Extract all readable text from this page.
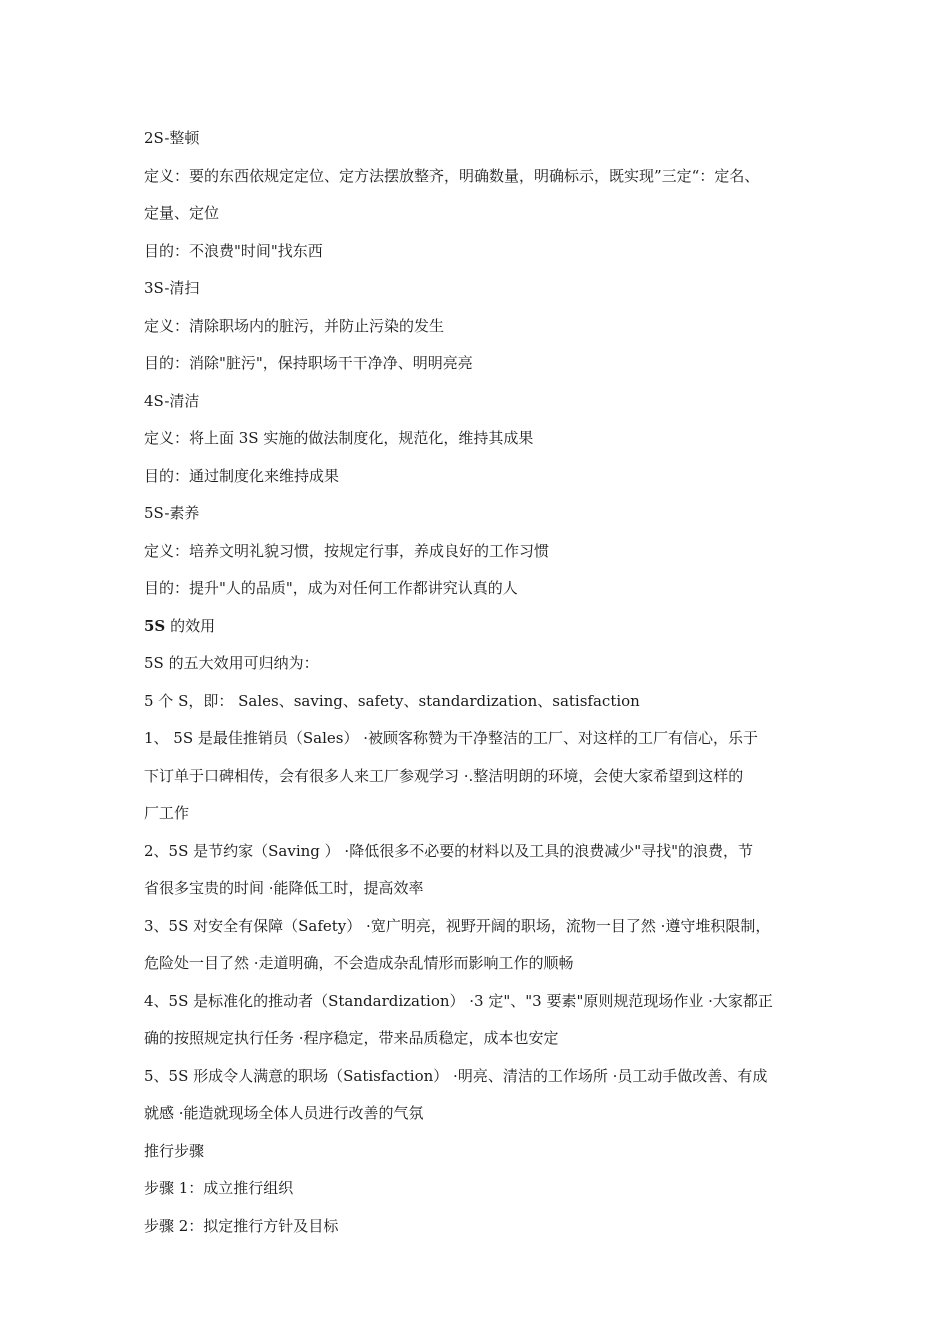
2S-整顿

定义：要的东西依规定定位、定方法摆放整齐，明确数量，明确标示，既实现”三定“：定名、

定量、定位

目的：不浪费"时间"找东西

3S-清扫

定义：清除职场内的脏污，并防止污染的发生

目的：消除"脏污"，保持职场干干净净、明明亮亮

4S-清洁

定义：将上面 3S 实施的做法制度化，规范化，维持其成果

目的：通过制度化来维持成果

5S-素养

定义：培养文明礼貌习惯，按规定行事，养成良好的工作习惯

目的：提升"人的品质"，成为对任何工作都讲究认真的人

5S 的效用

5S 的五大效用可归纳为：

5 个 S，即： Sales、saving、safety、standardization、satisfaction

1、 5S 是最佳推销员（Sales） ·被顾客称赞为干净整洁的工厂、对这样的工厂有信心，乐于

下订单于口碑相传，会有很多人来工厂参观学习 ·.整洁明朗的环境，会使大家希望到这样的

厂工作

2、5S 是节约家（Saving ） ·降低很多不必要的材料以及工具的浪费减少"寻找"的浪费，节

省很多宝贵的时间 ·能降低工时，提高效率

3、5S 对安全有保障（Safety） ·宽广明亮，视野开阔的职场，流物一目了然 ·遵守堆积限制，

危险处一目了然 ·走道明确，不会造成杂乱情形而影响工作的顺畅

4、5S 是标准化的推动者（Standardization） ·3 定"、"3 要素"原则规范现场作业 ·大家都正

确的按照规定执行任务 ·程序稳定，带来品质稳定，成本也安定

5、5S 形成令人满意的职场（Satisfaction） ·明亮、清洁的工作场所 ·员工动手做改善、有成

就感 ·能造就现场全体人员进行改善的气氛

推行步骤

步骤 1：成立推行组织

步骤 2：拟定推行方针及目标
